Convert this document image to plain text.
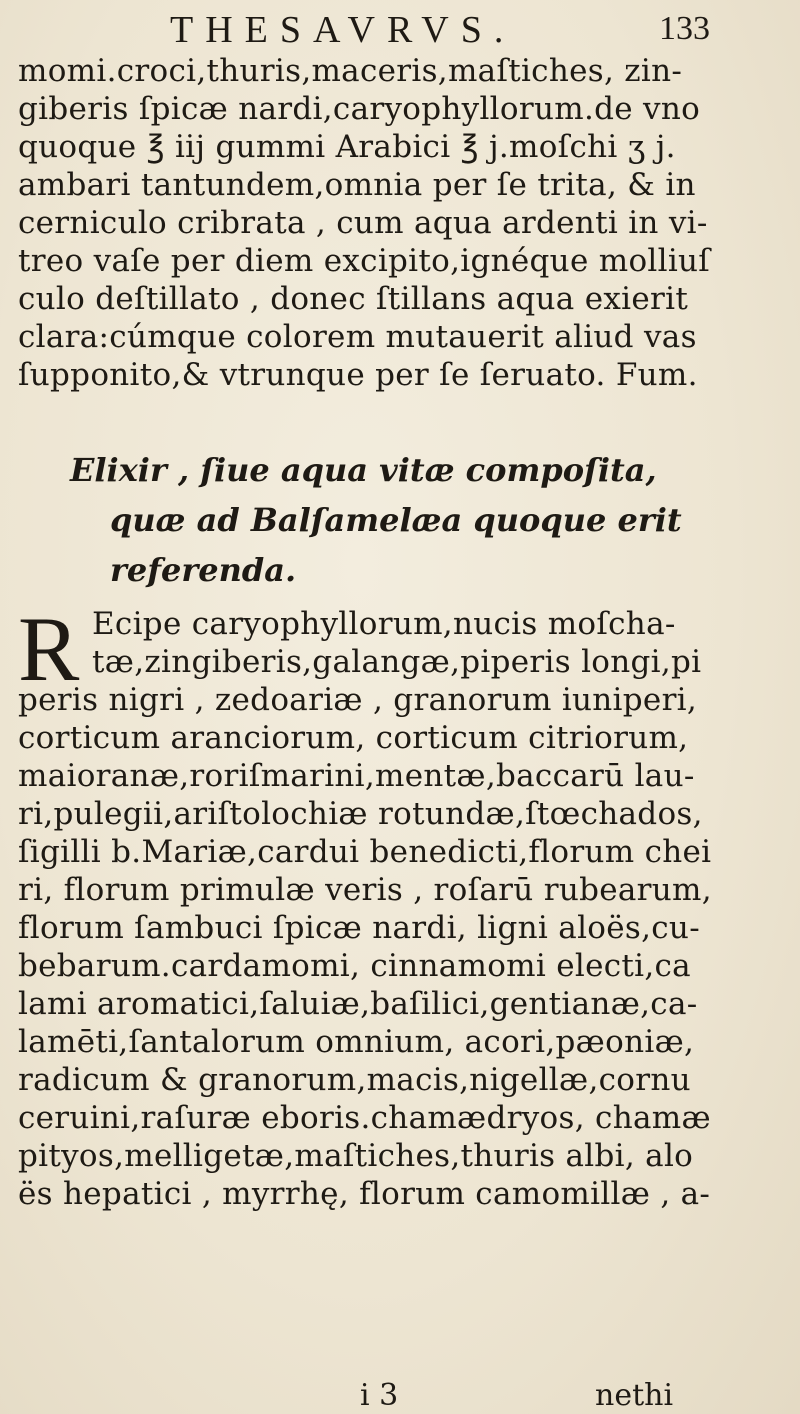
THESAVRVS.	133
momi.croci,thuris,maceris,maſtiches, zin-
giberis ſpicæ nardi,caryophyllorum.de vno
quoque ℥ iij gummi Arabici ℥ j.moſchi ʒ j.
ambari tantundem,omnia per ſe trita, & in
cerniculo cribrata , cum aqua ardenti in vi-
treo vaſe per diem excipito,ignéque molliuſ
culo deſtillato , donec ſtillans aqua exierit
clara:cúmque colorem mutauerit aliud vas
ſupponito,& vtrunque per ſe ſeruato. Fum.
Elixir , ſiue aqua vitæ compoſita,
quæ ad Balſamelæa quoque erit
referenda.
R Ecipe caryophyllorum,nucis moſcha-
tæ,zingiberis,galangæ,piperis longi,pi
peris nigri , zedoariæ , granorum iuniperi,
corticum aranciorum, corticum citriorum,
maioranæ,roriſmarini,mentæ,baccarū lau-
ri,pulegii,ariſtolochiæ rotundæ,ſtœchados,
ſigilli b.Mariæ,cardui benedicti,florum chei
ri, florum primulæ veris , roſarū rubearum,
florum ſambuci ſpicæ nardi, ligni aloës,cu-
bebarum.cardamomi, cinnamomi electi,ca
lami aromatici,ſaluiæ,baſilici,gentianæ,ca-
lamēti,ſantalorum omnium, acori,pæoniæ,
radicum & granorum,macis,nigellæ,cornu
ceruini,raſuræ eboris.chamædryos, chamæ
pityos,melligetæ,maſtiches,thuris albi, alo
ës hepatici , myrrhę, florum camomillæ , a-
i 3	nethi
